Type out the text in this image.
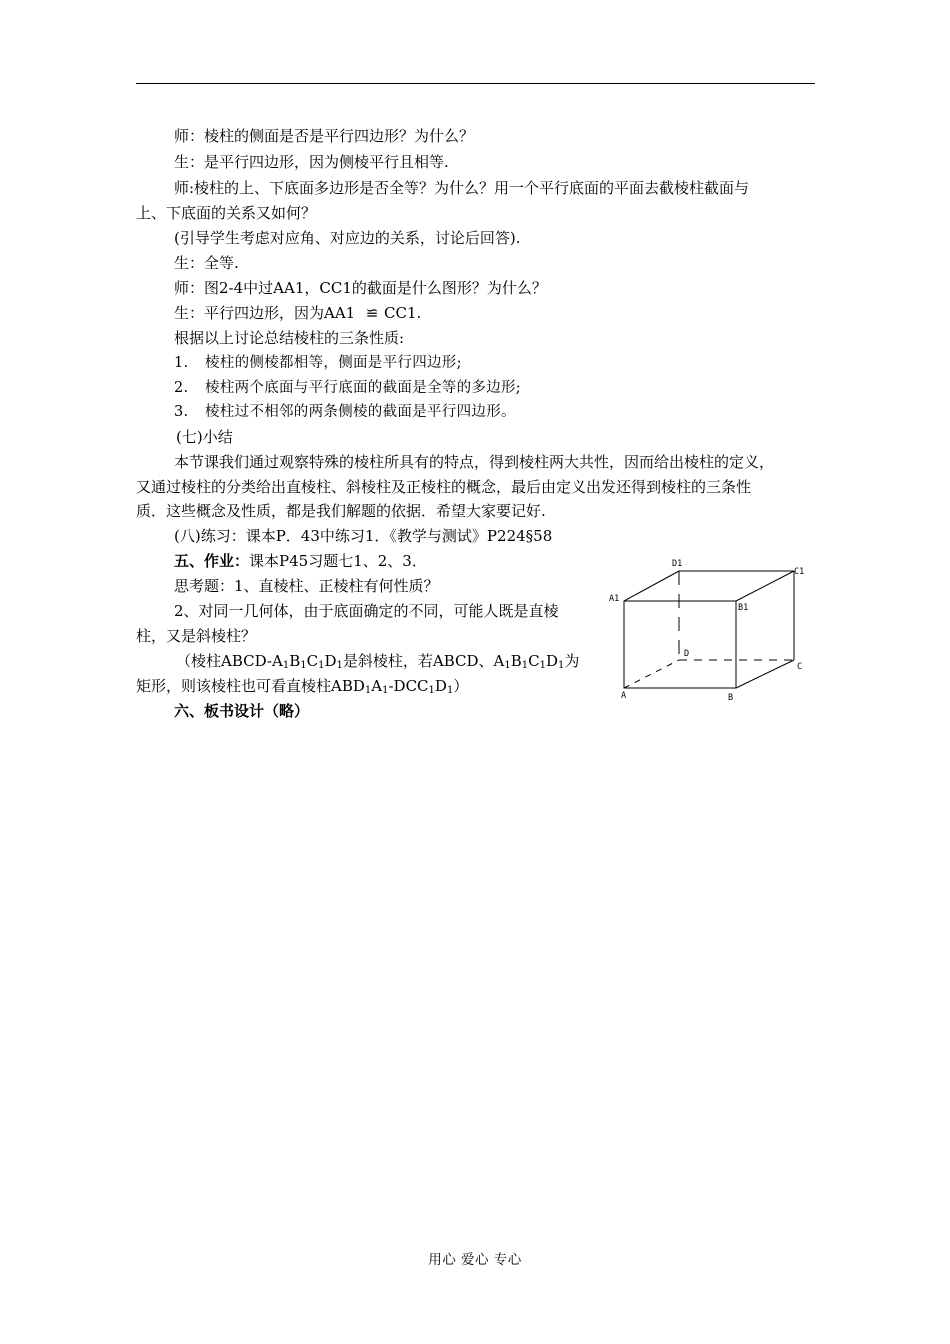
师：棱柱的侧面是否是平行四边形？为什么？
生：是平行四边形，因为侧棱平行且相等.
师:棱柱的上、下底面多边形是否全等？为什么？用一个平行底面的平面去截棱柱截面与
上、下底面的关系又如何？
(引导学生考虑对应角、对应边的关系，讨论后回答).
生：全等.
师：图2-4中过AA1，CC1的截面是什么图形？为什么？
生：平行四边形，因为AA1 ≌ CC1.
根据以上讨论总结棱柱的三条性质:
1. 棱柱的侧棱都相等，侧面是平行四边形;
2. 棱柱两个底面与平行底面的截面是全等的多边形;
3. 棱柱过不相邻的两条侧棱的截面是平行四边形。
(七)小结
本节课我们通过观察特殊的棱柱所具有的特点，得到棱柱两大共性，因而给出棱柱的定义，
又通过棱柱的分类给出直棱柱、斜棱柱及正棱柱的概念，最后由定义出发还得到棱柱的三条性
质．这些概念及性质，都是我们解题的依据．希望大家要记好.
(八)练习：课本P．43中练习1．《教学与测试》P224§58
五、作业：课本P45习题七1、2、3．
思考题：1、直棱柱、正棱柱有何性质？
2、对同一几何体，由于底面确定的不同，可能人既是直棱
柱，又是斜棱柱？
（棱柱ABCD-$A_1B_1C_1D_1$是斜棱柱，若ABCD、$A_1B_1C_1D_1$为
矩形，则该棱柱也可看直棱柱$ABD_1A_1-DCC_1D_1$）
六、板书设计（略）
D1
C1
A1
B1
D
C
A	B
用心 爱心 专心
